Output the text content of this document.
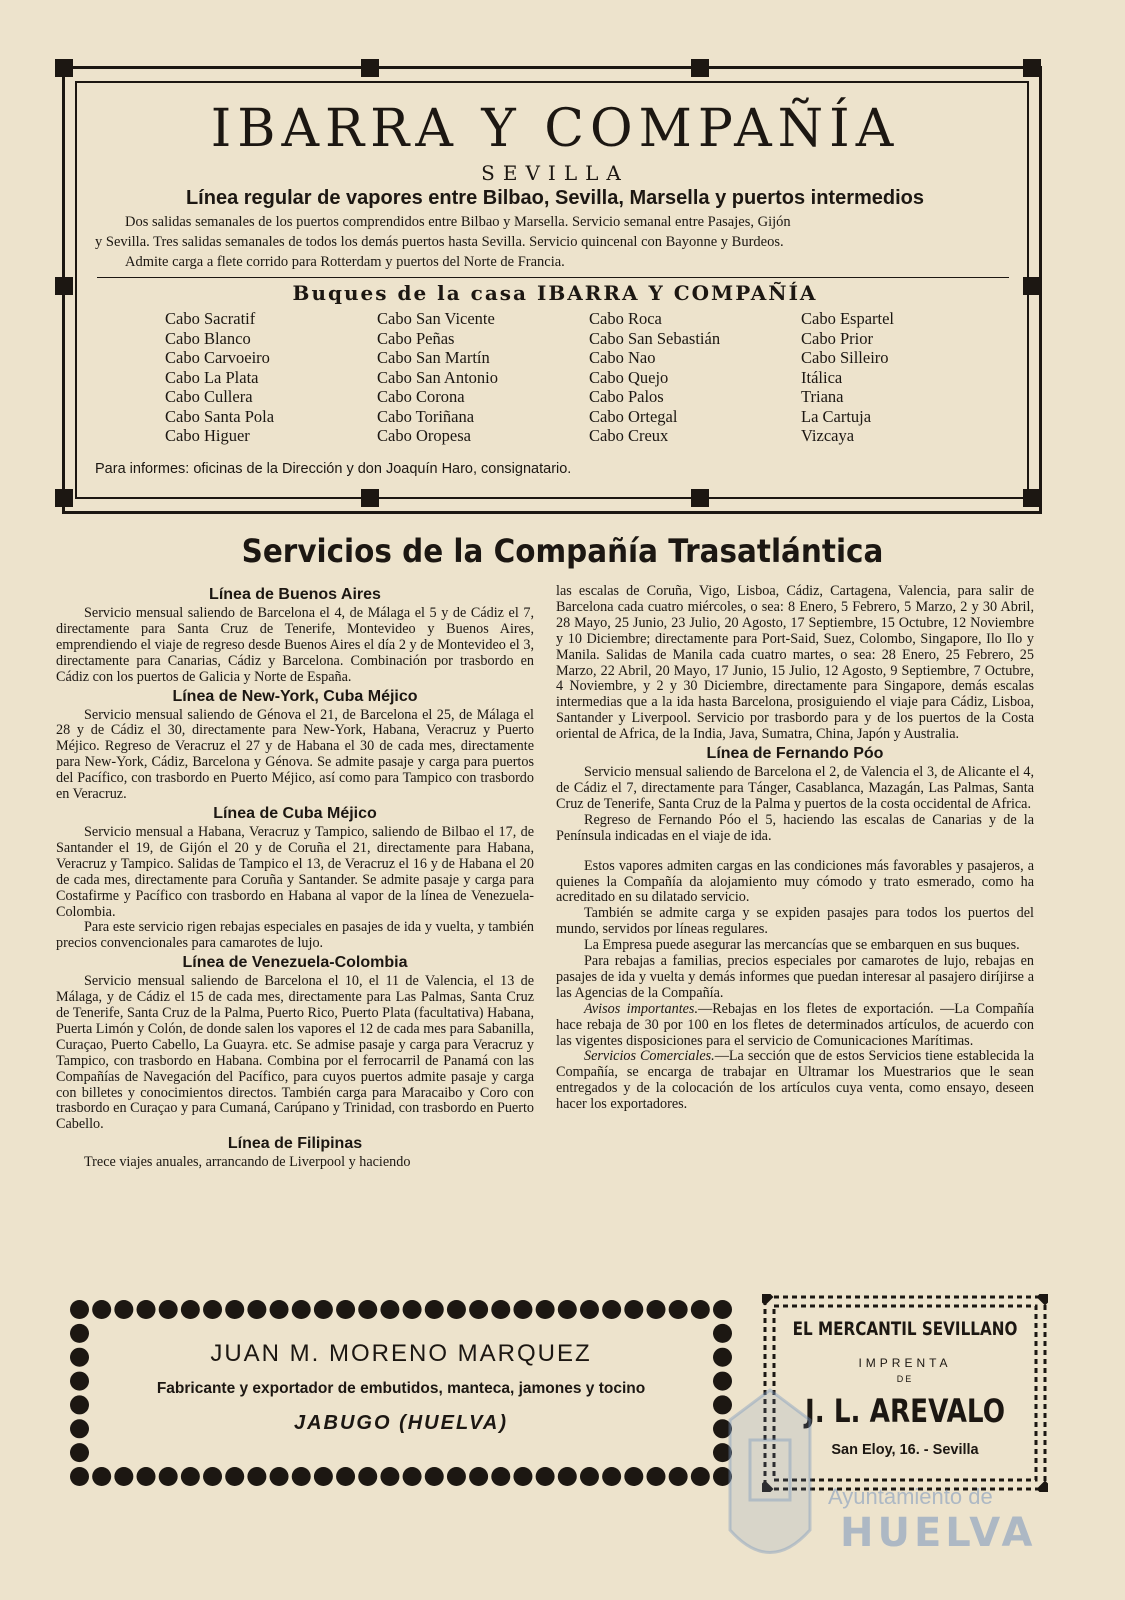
IBARRA Y COMPAÑÍA
SEVILLA
Línea regular de vapores entre Bilbao, Sevilla, Marsella y puertos intermedios

Dos salidas semanales de los puertos comprendidos entre Bilbao y Marsella. Servicio semanal entre Pasajes, Gijón

y Sevilla. Tres salidas semanales de todos los demás puertos hasta Sevilla. Servicio quincenal con Bayonne y Burdeos.

Admite carga a flete corrido para Rotterdam y puertos del Norte de Francia.

Buques de la casa IBARRA Y COMPAÑÍA
Cabo Sacratif
Cabo Blanco
Cabo Carvoeiro
Cabo La Plata
Cabo Cullera
Cabo Santa Pola
Cabo Higuer
Cabo San Vicente
Cabo Peñas
Cabo San Martín
Cabo San Antonio
Cabo Corona
Cabo Toriñana
Cabo Oropesa
Cabo Roca
Cabo San Sebastián
Cabo Nao
Cabo Quejo
Cabo Palos
Cabo Ortegal
Cabo Creux
Cabo Espartel
Cabo Prior
Cabo Silleiro
Itálica
Triana
La Cartuja
Vizcaya
Para informes: oficinas de la Dirección y don Joaquín Haro, consignatario.
Servicios de la Compañía Trasatlántica
Línea de Buenos Aires

Servicio mensual saliendo de Barcelona el 4, de Málaga el 5 y de Cádiz el 7, directamente para Santa Cruz de Tenerife, Montevideo y Buenos Aires, emprendiendo el viaje de regreso desde Buenos Aires el día 2 y de Montevideo el 3, directamente para Canarias, Cádiz y Barcelona. Combinación por trasbordo en Cádiz con los puertos de Galicia y Norte de España.

Línea de New-York, Cuba Méjico

Servicio mensual saliendo de Génova el 21, de Barcelona el 25, de Málaga el 28 y de Cádiz el 30, directamente para New-York, Habana, Veracruz y Puerto Méjico. Regreso de Veracruz el 27 y de Habana el 30 de cada mes, directamente para New-York, Cádiz, Barcelona y Génova. Se admite pasaje y carga para puertos del Pacífico, con trasbordo en Puerto Méjico, así como para Tampico con trasbordo en Veracruz.

Línea de Cuba Méjico

Servicio mensual a Habana, Veracruz y Tampico, saliendo de Bilbao el 17, de Santander el 19, de Gijón el 20 y de Coruña el 21, directamente para Habana, Veracruz y Tampico. Salidas de Tampico el 13, de Veracruz el 16 y de Habana el 20 de cada mes, directamente para Coruña y Santander. Se admite pasaje y carga para Costafirme y Pacífico con trasbordo en Habana al vapor de la línea de Venezuela-Colombia.

Para este servicio rigen rebajas especiales en pasajes de ida y vuelta, y también precios convencionales para camarotes de lujo.

Línea de Venezuela-Colombia

Servicio mensual saliendo de Barcelona el 10, el 11 de Valencia, el 13 de Málaga, y de Cádiz el 15 de cada mes, directamente para Las Palmas, Santa Cruz de Tenerife, Santa Cruz de la Palma, Puerto Rico, Puerto Plata (facultativa) Habana, Puerta Limón y Colón, de donde salen los vapores el 12 de cada mes para Sabanilla, Curaçao, Puerto Cabello, La Guayra. etc. Se admise pasaje y carga para Veracruz y Tampico, con trasbordo en Habana. Combina por el ferrocarril de Panamá con las Compañías de Navegación del Pacífico, para cuyos puertos admite pasaje y carga con billetes y conocimientos directos. También carga para Maracaibo y Coro con trasbordo en Curaçao y para Cumaná, Carúpano y Trinidad, con trasbordo en Puerto Cabello.

Línea de Filipinas

Trece viajes anuales, arrancando de Liverpool y haciendo

las escalas de Coruña, Vigo, Lisboa, Cádiz, Cartagena, Valencia, para salir de Barcelona cada cuatro miércoles, o sea: 8 Enero, 5 Febrero, 5 Marzo, 2 y 30 Abril, 28 Mayo, 25 Junio, 23 Julio, 20 Agosto, 17 Septiembre, 15 Octubre, 12 Noviembre y 10 Diciembre; directamente para Port-Said, Suez, Colombo, Singapore, Ilo Ilo y Manila. Salidas de Manila cada cuatro martes, o sea: 28 Enero, 25 Febrero, 25 Marzo, 22 Abril, 20 Mayo, 17 Junio, 15 Julio, 12 Agosto, 9 Septiembre, 7 Octubre, 4 Noviembre, y 2 y 30 Diciembre, directamente para Singapore, demás escalas intermedias que a la ida hasta Barcelona, prosiguiendo el viaje para Cádiz, Lisboa, Santander y Liverpool. Servicio por trasbordo para y de los puertos de la Costa oriental de Africa, de la India, Java, Sumatra, China, Japón y Australia.

Línea de Fernando Póo

Servicio mensual saliendo de Barcelona el 2, de Valencia el 3, de Alicante el 4, de Cádiz el 7, directamente para Tánger, Casablanca, Mazagán, Las Palmas, Santa Cruz de Tenerife, Santa Cruz de la Palma y puertos de la costa occidental de Africa.

Regreso de Fernando Póo el 5, haciendo las escalas de Canarias y de la Península indicadas en el viaje de ida.

Estos vapores admiten cargas en las condiciones más favorables y pasajeros, a quienes la Compañía da alojamiento muy cómodo y trato esmerado, como ha acreditado en su dilatado servicio.

También se admite carga y se expiden pasajes para todos los puertos del mundo, servidos por líneas regulares.

La Empresa puede asegurar las mercancías que se embarquen en sus buques.

Para rebajas a familias, precios especiales por camarotes de lujo, rebajas en pasajes de ida y vuelta y demás informes que puedan interesar al pasajero diríjirse a las Agencias de la Compañía.

Avisos importantes.—Rebajas en los fletes de exportación. —La Compañía hace rebaja de 30 por 100 en los fletes de determinados artículos, de acuerdo con las vigentes disposiciones para el servicio de Comunicaciones Marítimas.

Servicios Comerciales.—La sección que de estos Servicios tiene establecida la Compañía, se encarga de trabajar en Ultramar los Muestrarios que le sean entregados y de la colocación de los artículos cuya venta, como ensayo, deseen hacer los exportadores.

JUAN M. MORENO MARQUEZ
Fabricante y exportador de embutidos, manteca, jamones y tocino
JABUGO (HUELVA)
EL MERCANTIL SEVILLANO
IMPRENTA
DE
J. L. AREVALO
San Eloy, 16. - Sevilla
Ayuntamiento de
HUELVA
